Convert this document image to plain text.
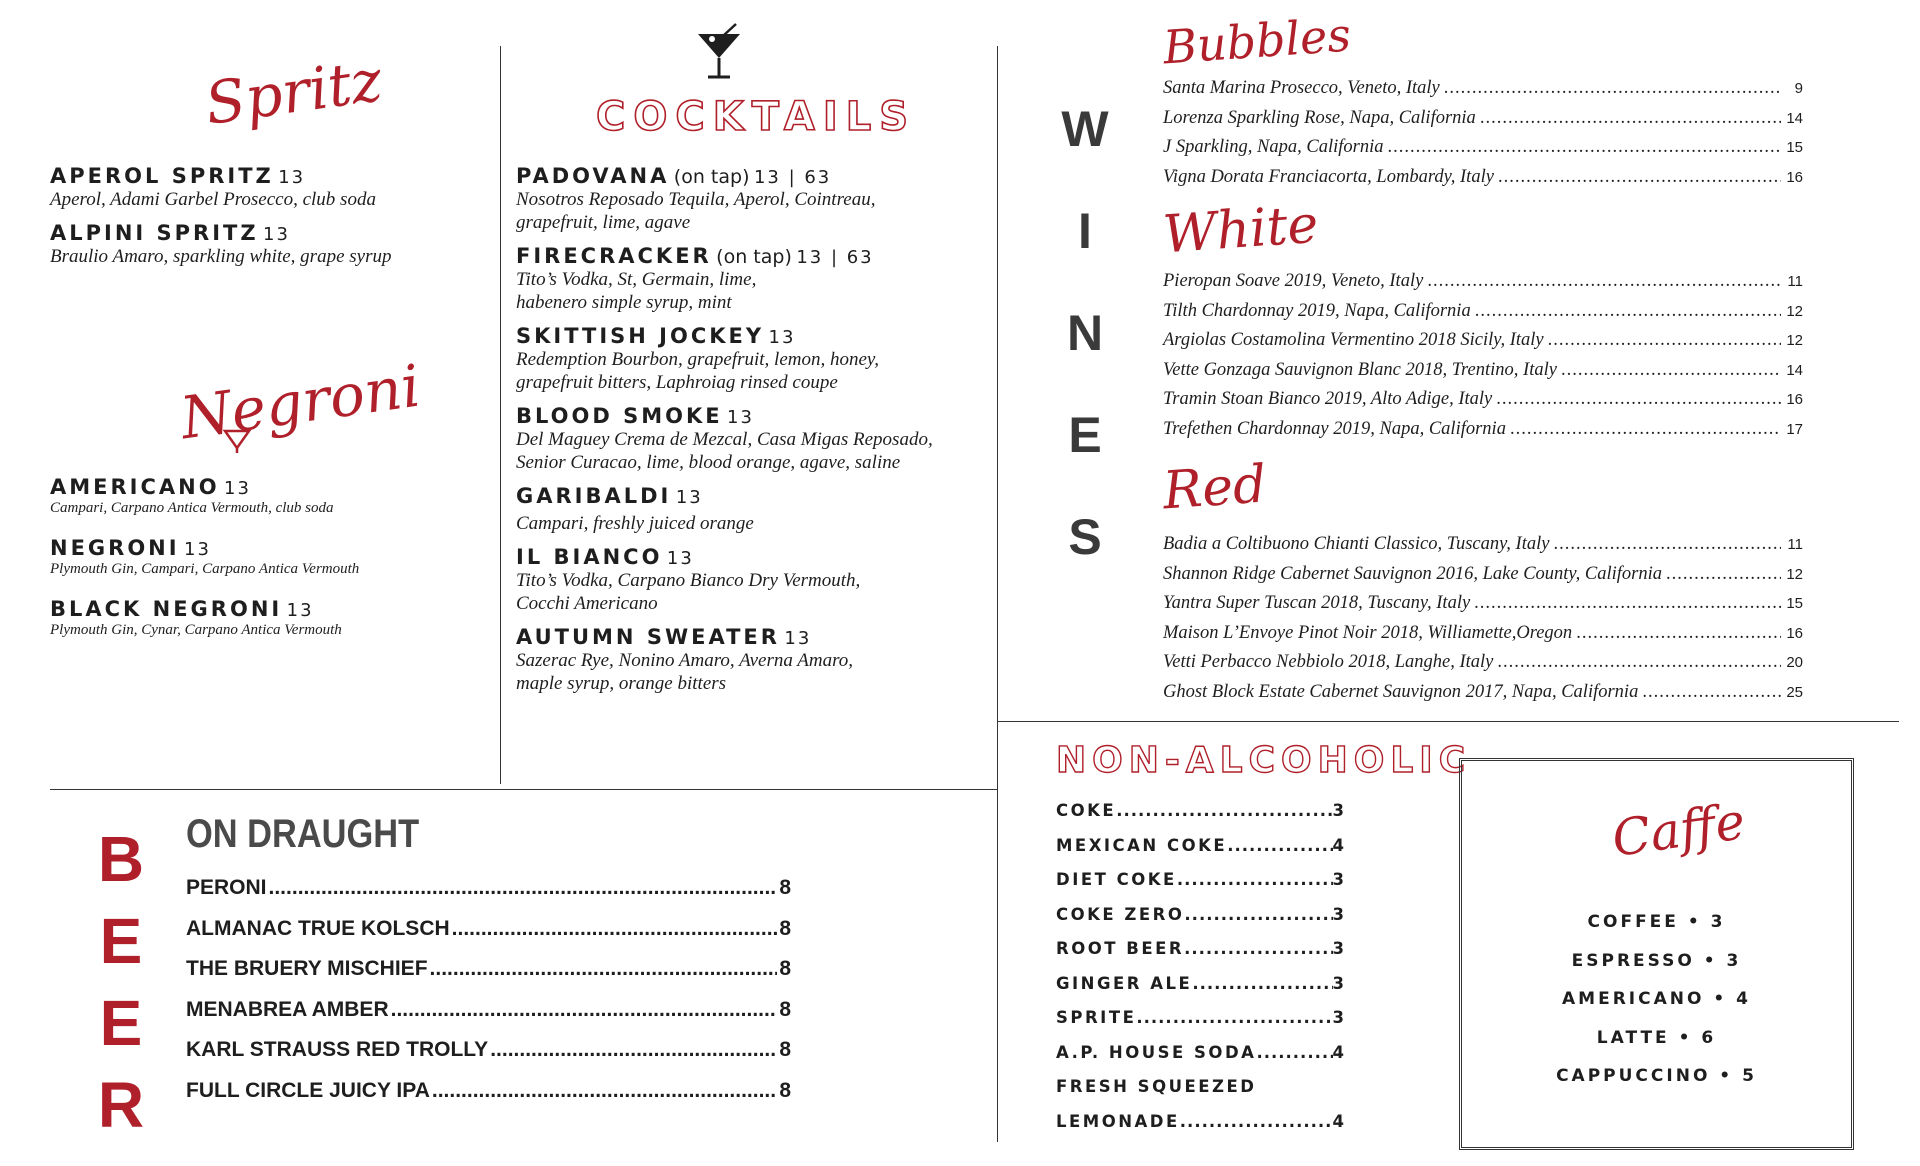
Spritz
APEROL SPRITZ 13
Aperol, Adami Garbel Prosecco, club soda
ALPINI SPRITZ 13
Braulio Amaro, sparkling white, grape syrup
Negroni
AMERICANO 13
Campari, Carpano Antica Vermouth, club soda
NEGRONI 13
Plymouth Gin, Campari, Carpano Antica Vermouth
BLACK NEGRONI 13
Plymouth Gin, Cynar, Carpano Antica Vermouth
COCKTAILS
PADOVANA (on tap) 13 | 63
Nosotros Reposado Tequila, Aperol, Cointreau,
grapefruit, lime, agave
FIRECRACKER (on tap) 13 | 63
Tito’s Vodka, St, Germain, lime,
habenero simple syrup, mint
SKITTISH JOCKEY 13
Redemption Bourbon, grapefruit, lemon, honey,
grapefruit bitters, Laphroiag rinsed coupe
BLOOD SMOKE 13
Del Maguey Crema de Mezcal, Casa Migas Reposado,
Senior Curacao, lime, blood orange, agave, saline
GARIBALDI 13
Campari, freshly juiced orange
IL BIANCO 13
Tito’s Vodka, Carpano Bianco Dry Vermouth,
Cocchi Americano
AUTUMN SWEATER 13
Sazerac Rye, Nonino Amaro, Averna Amaro,
maple syrup, orange bitters
W
I
N
E
S
Bubbles
Santa Marina Prosecco, Veneto, Italy .....	9
Lorenza Sparkling Rose, Napa, California .....	14
J Sparkling, Napa, California .....	15
Vigna Dorata Franciacorta, Lombardy, Italy .....	16
White
Pieropan Soave 2019, Veneto, Italy .....	11
Tilth Chardonnay 2019, Napa, California .....	12
Argiolas Costamolina Vermentino 2018 Sicily, Italy .....	12
Vette Gonzaga Sauvignon Blanc 2018, Trentino, Italy .....	14
Tramin Stoan Bianco 2019, Alto Adige, Italy .....	16
Trefethen Chardonnay 2019, Napa, California .....	17
Red
Badia a Coltibuono Chianti Classico, Tuscany, Italy .....	11
Shannon Ridge Cabernet Sauvignon 2016, Lake County, California .....	12
Yantra Super Tuscan 2018, Tuscany, Italy .....	15
Maison L’Envoye Pinot Noir 2018, Williamette,Oregon .....	16
Vetti Perbacco Nebbiolo 2018, Langhe, Italy .....	20
Ghost Block Estate Cabernet Sauvignon 2017, Napa, California .....	25
B
E
E
R
ON DRAUGHT
PERONI .....	8
ALMANAC TRUE KOLSCH .....	8
THE BRUERY MISCHIEF .....	8
MENABREA AMBER .....	8
KARL STRAUSS RED TROLLY .....	8
FULL CIRCLE JUICY IPA .....	8
NON-ALCOHOLIC
COKE .....	3
MEXICAN COKE .....	4
DIET COKE .....	3
COKE ZERO .....	3
ROOT BEER .....	3
GINGER ALE .....	3
SPRITE .....	3
A.P. HOUSE SODA .....	4
FRESH SQUEEZED
LEMONADE .....	4
Caffe
COFFEE • 3
ESPRESSO • 3
AMERICANO • 4
LATTE • 6
CAPPUCCINO • 5
